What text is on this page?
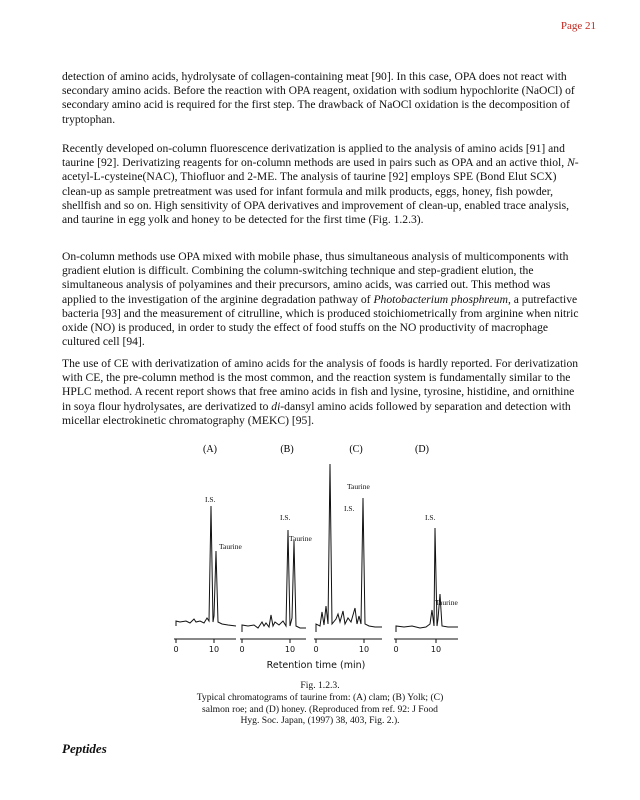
Page 21

detection of amino acids, hydrolysate of collagen-containing meat [90]. In this case, OPA does not react with secondary amino acids. Before the reaction with OPA reagent, oxidation with sodium hypochlorite (NaOCl) of secondary amino acid is required for the first step. The drawback of NaOCl oxidation is the decomposition of tryptophan.

Recently developed on-column fluorescence derivatization is applied to the analysis of amino acids [91] and taurine [92]. Derivatizing reagents for on-column methods are used in pairs such as OPA and an active thiol, N-acetyl-L-cysteine(NAC), Thiofluor and 2-ME. The analysis of taurine [92] employs SPE (Bond Elut SCX) clean-up as sample pretreatment was used for infant formula and milk products, eggs, honey, fish powder, shellfish and so on. High sensitivity of OPA derivatives and improvement of clean-up, enabled trace analysis, and taurine in egg yolk and honey to be detected for the first time (Fig. 1.2.3).

On-column methods use OPA mixed with mobile phase, thus simultaneous analysis of multicomponents with gradient elution is difficult. Combining the column-switching technique and step-gradient elution, the simultaneous analysis of polyamines and their precursors, amino acids, was carried out. This method was applied to the investigation of the arginine degradation pathway of Photobacterium phosphreum, a putrefactive bacteria [93] and the measurement of citrulline, which is produced stoichiometrically from arginine when nitric oxide (NO) is produced, in order to study the effect of food stuffs on the NO productivity of macrophage cultured cell [94].

The use of CE with derivatization of amino acids for the analysis of foods is hardly reported. For derivatization with CE, the pre-column method is the most common, and the reaction system is fundamentally similar to the HPLC method. A recent report shows that free amino acids in fish and lysine, tyrosine, histidine, and ornithine in soya flour hydrolysates, are derivatized to di-dansyl amino acids followed by separation and detection with micellar electrokinetic chromatography (MEKC) [95].

(A)	(B)	(C)	(D)
0	10	0	10 0	10	0	10
I.S.
Taurine
I.S.
Taurine
I.S.
Taurine
I.S.
Taurine
Retention time (min)
Fig. 1.2.3.
Typical chromatograms of taurine from: (A) clam; (B) Yolk; (C)
salmon roe; and (D) honey. (Reproduced from ref. 92: J Food
Hyg. Soc. Japan, (1997) 38, 403, Fig. 2.).
Peptides
